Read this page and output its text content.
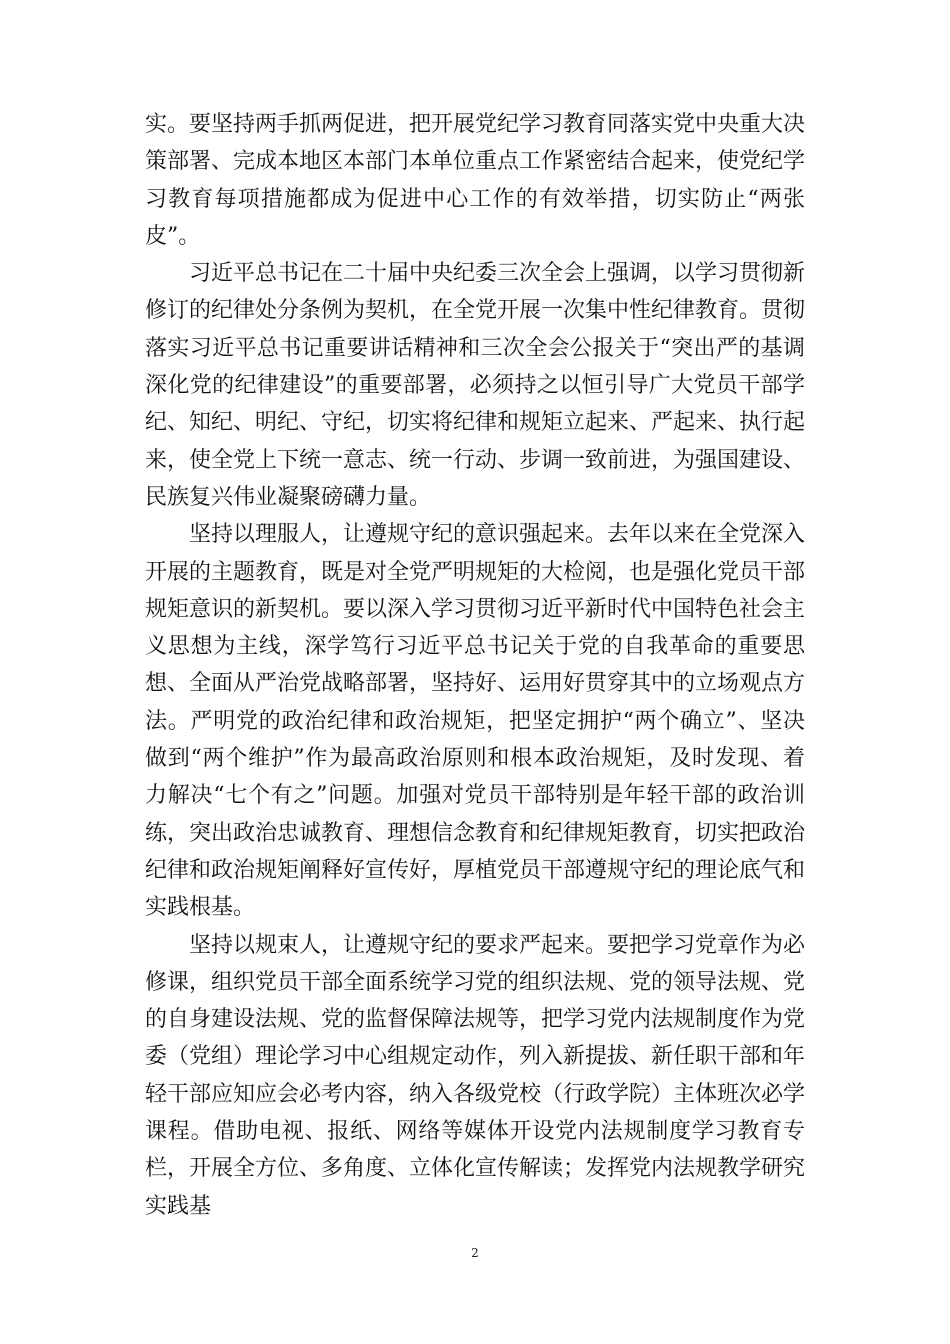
实。要坚持两手抓两促进，把开展党纪学习教育同落实党中央重大决策部署、完成本地区本部门本单位重点工作紧密结合起来，使党纪学习教育每项措施都成为促进中心工作的有效举措，切实防止“两张皮”。

习近平总书记在二十届中央纪委三次全会上强调，以学习贯彻新修订的纪律处分条例为契机，在全党开展一次集中性纪律教育。贯彻落实习近平总书记重要讲话精神和三次全会公报关于“突出严的基调深化党的纪律建设”的重要部署，必须持之以恒引导广大党员干部学纪、知纪、明纪、守纪，切实将纪律和规矩立起来、严起来、执行起来，使全党上下统一意志、统一行动、步调一致前进，为强国建设、民族复兴伟业凝聚磅礴力量。

坚持以理服人，让遵规守纪的意识强起来。去年以来在全党深入开展的主题教育，既是对全党严明规矩的大检阅，也是强化党员干部规矩意识的新契机。要以深入学习贯彻习近平新时代中国特色社会主义思想为主线，深学笃行习近平总书记关于党的自我革命的重要思想、全面从严治党战略部署，坚持好、运用好贯穿其中的立场观点方法。严明党的政治纪律和政治规矩，把坚定拥护“两个确立”、坚决做到“两个维护”作为最高政治原则和根本政治规矩，及时发现、着力解决“七个有之”问题。加强对党员干部特别是年轻干部的政治训练，突出政治忠诚教育、理想信念教育和纪律规矩教育，切实把政治纪律和政治规矩阐释好宣传好，厚植党员干部遵规守纪的理论底气和实践根基。

坚持以规束人，让遵规守纪的要求严起来。要把学习党章作为必修课，组织党员干部全面系统学习党的组织法规、党的领导法规、党的自身建设法规、党的监督保障法规等，把学习党内法规制度作为党委（党组）理论学习中心组规定动作，列入新提拔、新任职干部和年轻干部应知应会必考内容，纳入各级党校（行政学院）主体班次必学课程。借助电视、报纸、网络等媒体开设党内法规制度学习教育专栏，开展全方位、多角度、立体化宣传解读；发挥党内法规教学研究实践基

2
